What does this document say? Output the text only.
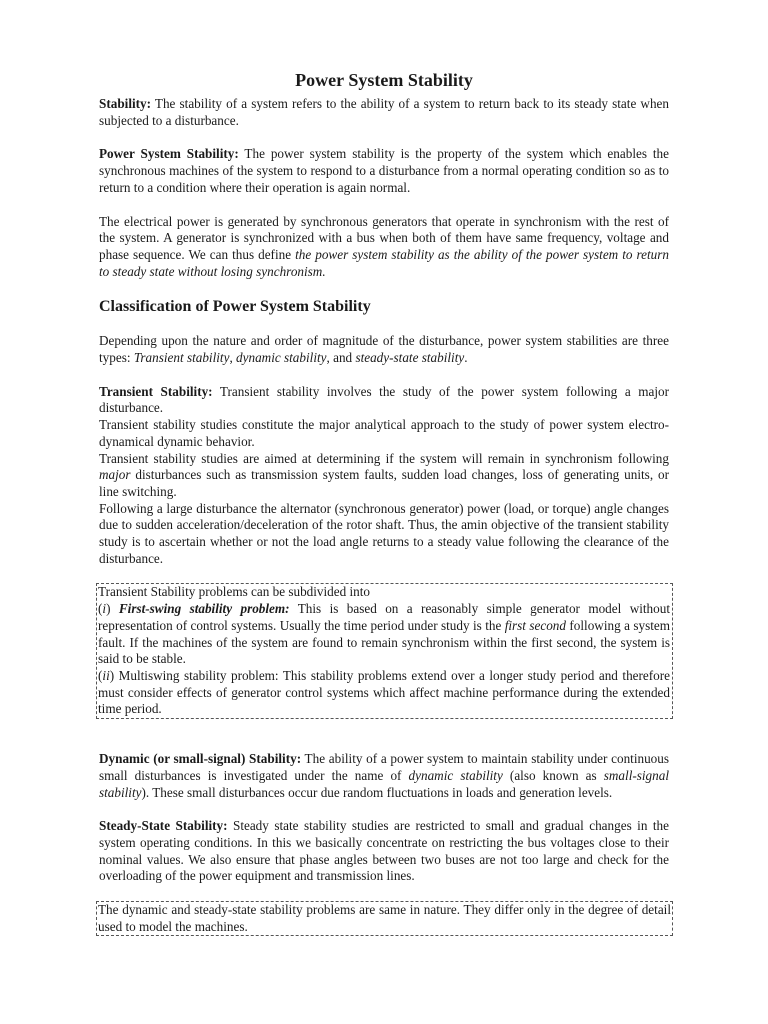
Power System Stability

Stability: The stability of a system refers to the ability of a system to return back to its steady state when subjected to a disturbance.

Power System Stability: The power system stability is the property of the system which enables the synchronous machines of the system to respond to a disturbance from a normal operating condition so as to return to a condition where their operation is again normal.

The electrical power is generated by synchronous generators that operate in synchronism with the rest of the system. A generator is synchronized with a bus when both of them have same frequency, voltage and phase sequence. We can thus define the power system stability as the ability of the power system to return to steady state without losing synchronism.

Classification of Power System Stability

Depending upon the nature and order of magnitude of the disturbance, power system stabilities are three types: Transient stability, dynamic stability, and steady-state stability.

Transient Stability: Transient stability involves the study of the power system following a major disturbance.

Transient stability studies constitute the major analytical approach to the study of power system electro-dynamical dynamic behavior.

Transient stability studies are aimed at determining if the system will remain in synchronism following major disturbances such as transmission system faults, sudden load changes, loss of generating units, or line switching.

Following a large disturbance the alternator (synchronous generator) power (load, or torque) angle changes due to sudden acceleration/deceleration of the rotor shaft. Thus, the amin objective of the transient stability study is to ascertain whether or not the load angle returns to a steady value following the clearance of the disturbance.

Transient Stability problems can be subdivided into

(i) First-swing stability problem: This is based on a reasonably simple generator model without representation of control systems. Usually the time period under study is the first second following a system fault. If the machines of the system are found to remain synchronism within the first second, the system is said to be stable.

(ii) Multiswing stability problem: This stability problems extend over a longer study period and therefore must consider effects of generator control systems which affect machine performance during the extended time period.

Dynamic (or small-signal) Stability: The ability of a power system to maintain stability under continuous small disturbances is investigated under the name of dynamic stability (also known as small-signal stability). These small disturbances occur due random fluctuations in loads and generation levels.

Steady-State Stability: Steady state stability studies are restricted to small and gradual changes in the system operating conditions. In this we basically concentrate on restricting the bus voltages close to their nominal values. We also ensure that phase angles between two buses are not too large and check for the overloading of the power equipment and transmission lines.

The dynamic and steady-state stability problems are same in nature. They differ only in the degree of detail used to model the machines.
